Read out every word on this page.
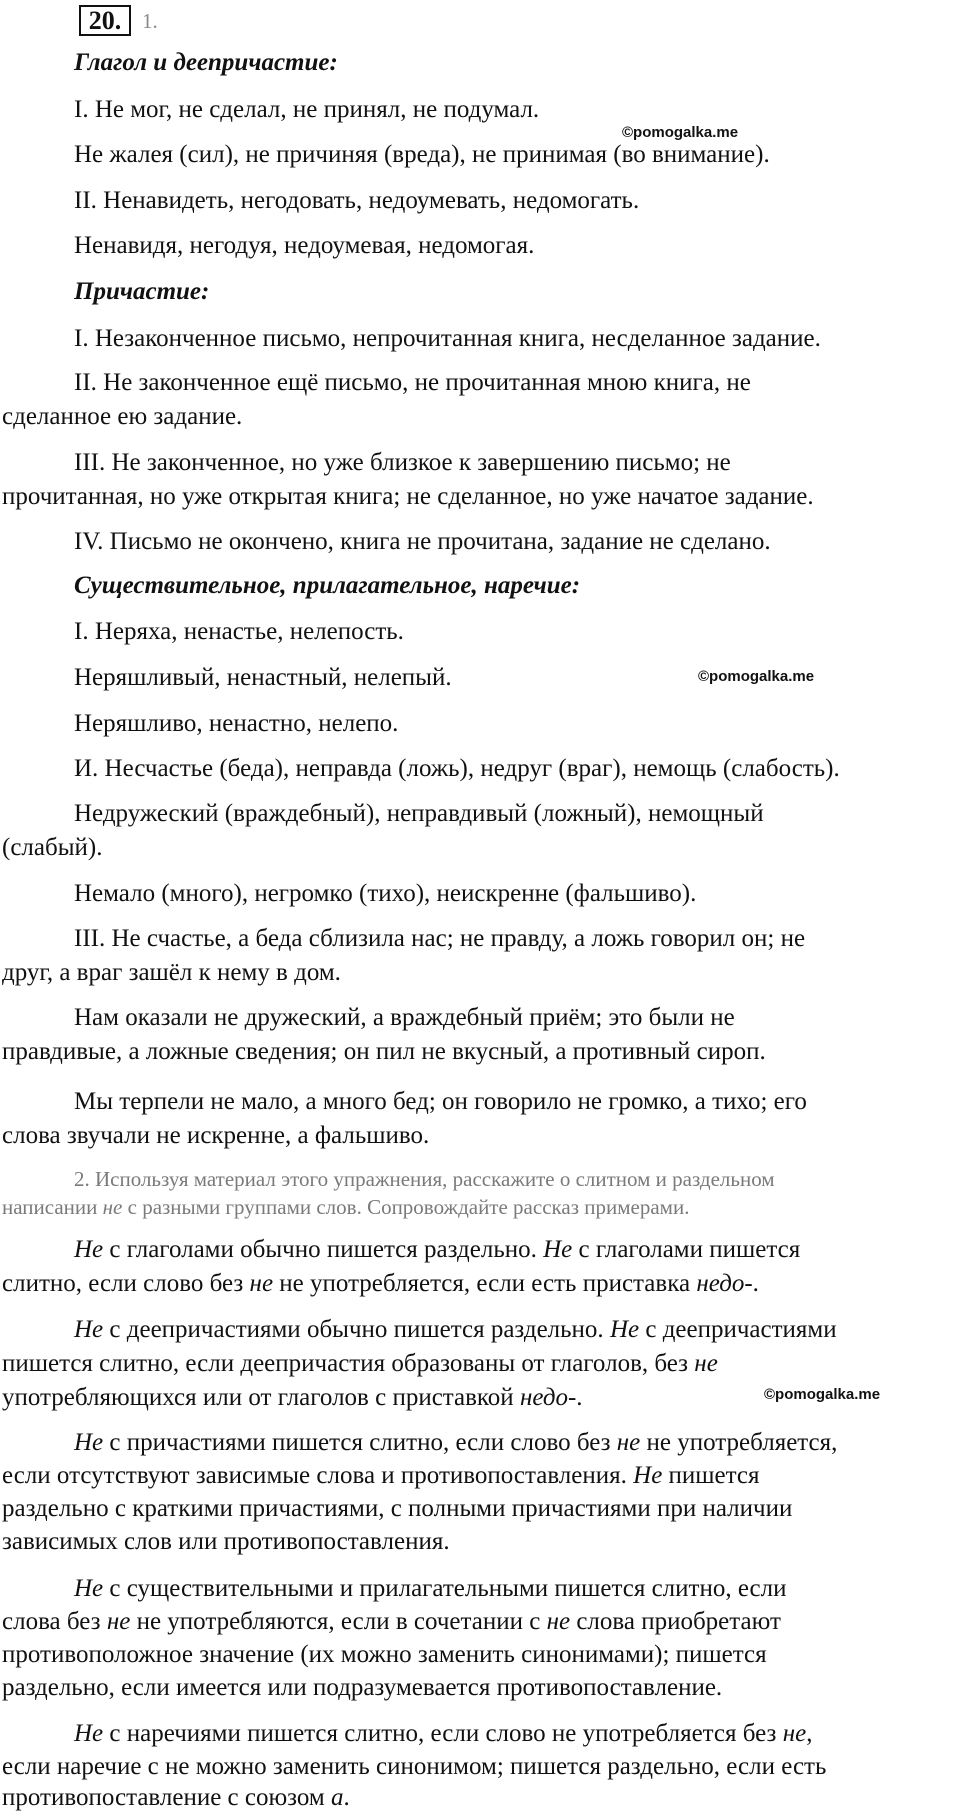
20. 1.
Глагол и деепричастие:
I. Не мог, не сделал, не принял, не подумал.
©pomogalka.me
Не жалея (сил), не причиняя (вреда), не принимая (во внимание).
II. Ненавидеть, негодовать, недоумевать, недомогать.
Ненавидя, негодуя, недоумевая, недомогая.
Причастие:
I. Незаконченное письмо, непрочитанная книга, несделанное задание.
II. Не законченное ещё письмо, не прочитанная мною книга, не
сделанное ею задание.
III. Не законченное, но уже близкое к завершению письмо; не
прочитанная, но уже открытая книга; не сделанное, но уже начатое задание.
IV. Письмо не окончено, книга не прочитана, задание не сделано.
Существительное, прилагательное, наречие:
I. Неряха, ненастье, нелепость.
Неряшливый, ненастный, нелепый.	©pomogalka.me
Неряшливо, ненастно, нелепо.
И. Несчастье (беда), неправда (ложь), недруг (враг), немощь (слабость).
Недружеский (враждебный), неправдивый (ложный), немощный
(слабый).
Немало (много), негромко (тихо), неискренне (фальшиво).
III. Не счастье, а беда сблизила нас; не правду, а ложь говорил он; не
друг, а враг зашёл к нему в дом.
Нам оказали не дружеский, а враждебный приём; это были не
правдивые, а ложные сведения; он пил не вкусный, а противный сироп.
Мы терпели не мало, а много бед; он говорило не громко, а тихо; его
слова звучали не искренне, а фальшиво.
2. Используя материал этого упражнения, расскажите о слитном и раздельном
написании не с разными группами слов. Сопровождайте рассказ примерами.
Не с глаголами обычно пишется раздельно. Не с глаголами пишется
слитно, если слово без не не употребляется, если есть приставка недо-.
Не с деепричастиями обычно пишется раздельно. Не с деепричастиями
пишется слитно, если деепричастия образованы от глаголов, без не
употребляющихся или от глаголов с приставкой недо-.	©pomogalka.me
Не с причастиями пишется слитно, если слово без не не употребляется,
если отсутствуют зависимые слова и противопоставления. Не пишется
раздельно с краткими причастиями, с полными причастиями при наличии
зависимых слов или противопоставления.
Не с существительными и прилагательными пишется слитно, если
слова без не не употребляются, если в сочетании с не слова приобретают
противоположное значение (их можно заменить синонимами); пишется
раздельно, если имеется или подразумевается противопоставление.
Не с наречиями пишется слитно, если слово не употребляется без не,
если наречие с не можно заменить синонимом; пишется раздельно, если есть
противопоставление с союзом а.
